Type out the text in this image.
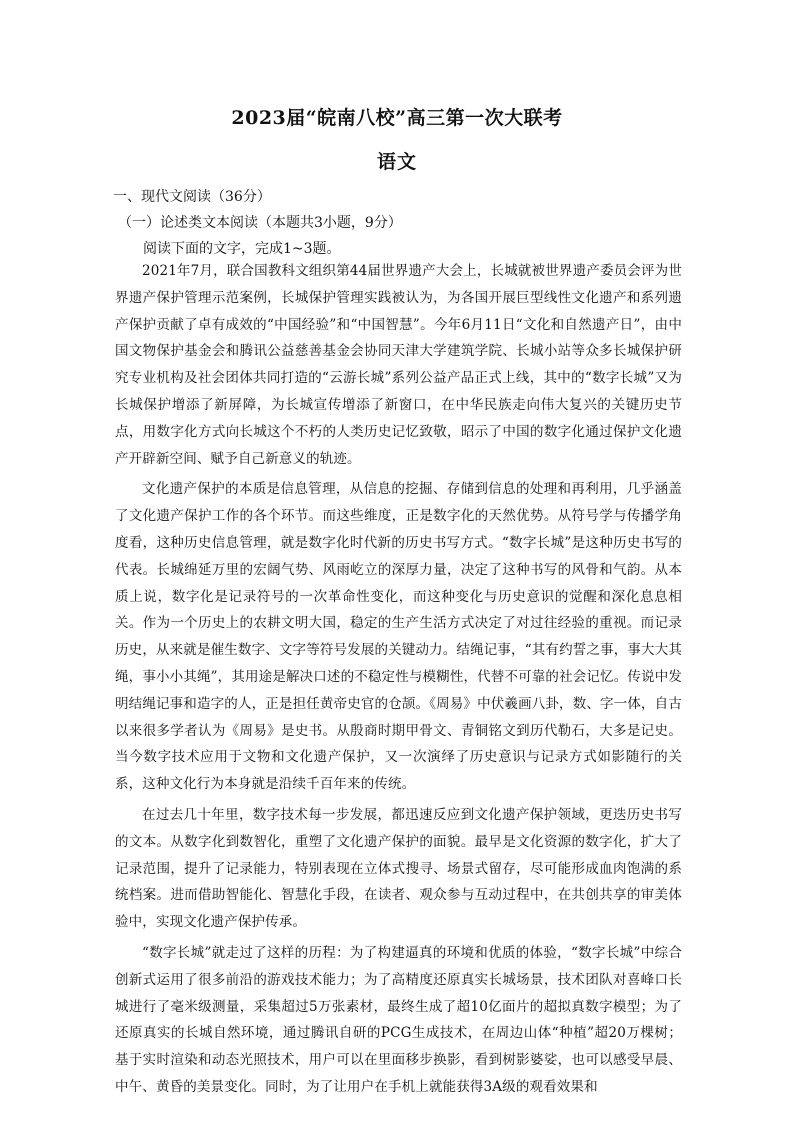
2023届“皖南八校”高三第一次大联考
语文
一、现代文阅读（36分）
（一）论述类文本阅读（本题共3小题，9分）
阅读下面的文字，完成1~3题。

2021年7月，联合国教科文组织第44届世界遗产大会上，长城就被世界遗产委员会评为世界遗产保护管理示范案例，长城保护管理实践被认为，为各国开展巨型线性文化遗产和系列遗产保护贡献了卓有成效的“中国经验”和“中国智慧”。今年6月11日“文化和自然遗产日”，由中国文物保护基金会和腾讯公益慈善基金会协同天津大学建筑学院、长城小站等众多长城保护研究专业机构及社会团体共同打造的“云游长城”系列公益产品正式上线，其中的“数字长城”又为长城保护增添了新屏障，为长城宣传增添了新窗口，在中华民族走向伟大复兴的关键历史节点，用数字化方式向长城这个不朽的人类历史记忆致敬，昭示了中国的数字化通过保护文化遗产开辟新空间、赋予自己新意义的轨迹。

文化遗产保护的本质是信息管理，从信息的挖掘、存储到信息的处理和再利用，几乎涵盖了文化遗产保护工作的各个环节。而这些维度，正是数字化的天然优势。从符号学与传播学角度看，这种历史信息管理，就是数字化时代新的历史书写方式。“数字长城”是这种历史书写的代表。长城绵延万里的宏阔气势、风雨屹立的深厚力量，决定了这种书写的风骨和气韵。从本质上说，数字化是记录符号的一次革命性变化，而这种变化与历史意识的觉醒和深化息息相关。作为一个历史上的农耕文明大国，稳定的生产生活方式决定了对过往经验的重视。而记录历史，从来就是催生数字、文字等符号发展的关键动力。结绳记事，“其有约誓之事，事大大其绳，事小小其绳”，其用途是解决口述的不稳定性与模糊性，代替不可靠的社会记忆。传说中发明结绳记事和造字的人，正是担任黄帝史官的仓颉。《周易》中伏羲画八卦，数、字一体，自古以来很多学者认为《周易》是史书。从殷商时期甲骨文、青铜铭文到历代勒石，大多是记史。当今数字技术应用于文物和文化遗产保护，又一次演绎了历史意识与记录方式如影随行的关系，这种文化行为本身就是沿续千百年来的传统。

在过去几十年里，数字技术每一步发展，都迅速反应到文化遗产保护领域，更迭历史书写的文本。从数字化到数智化，重塑了文化遗产保护的面貌。最早是文化资源的数字化，扩大了记录范围，提升了记录能力，特别表现在立体式搜寻、场景式留存，尽可能形成血肉饱满的系统档案。进而借助智能化、智慧化手段，在读者、观众参与互动过程中，在共创共享的审美体验中，实现文化遗产保护传承。

“数字长城”就走过了这样的历程：为了构建逼真的环境和优质的体验，“数字长城”中综合创新式运用了很多前沿的游戏技术能力；为了高精度还原真实长城场景，技术团队对喜峰口长城进行了毫米级测量，采集超过5万张素材，最终生成了超10亿面片的超拟真数字模型；为了还原真实的长城自然环境，通过腾讯自研的PCG生成技术，在周边山体“种植”超20万棵树；基于实时渲染和动态光照技术，用户可以在里面移步换影，看到树影婆娑，也可以感受早晨、中午、黄昏的美景变化。同时，为了让用户在手机上就能获得3A级的观看效果和
